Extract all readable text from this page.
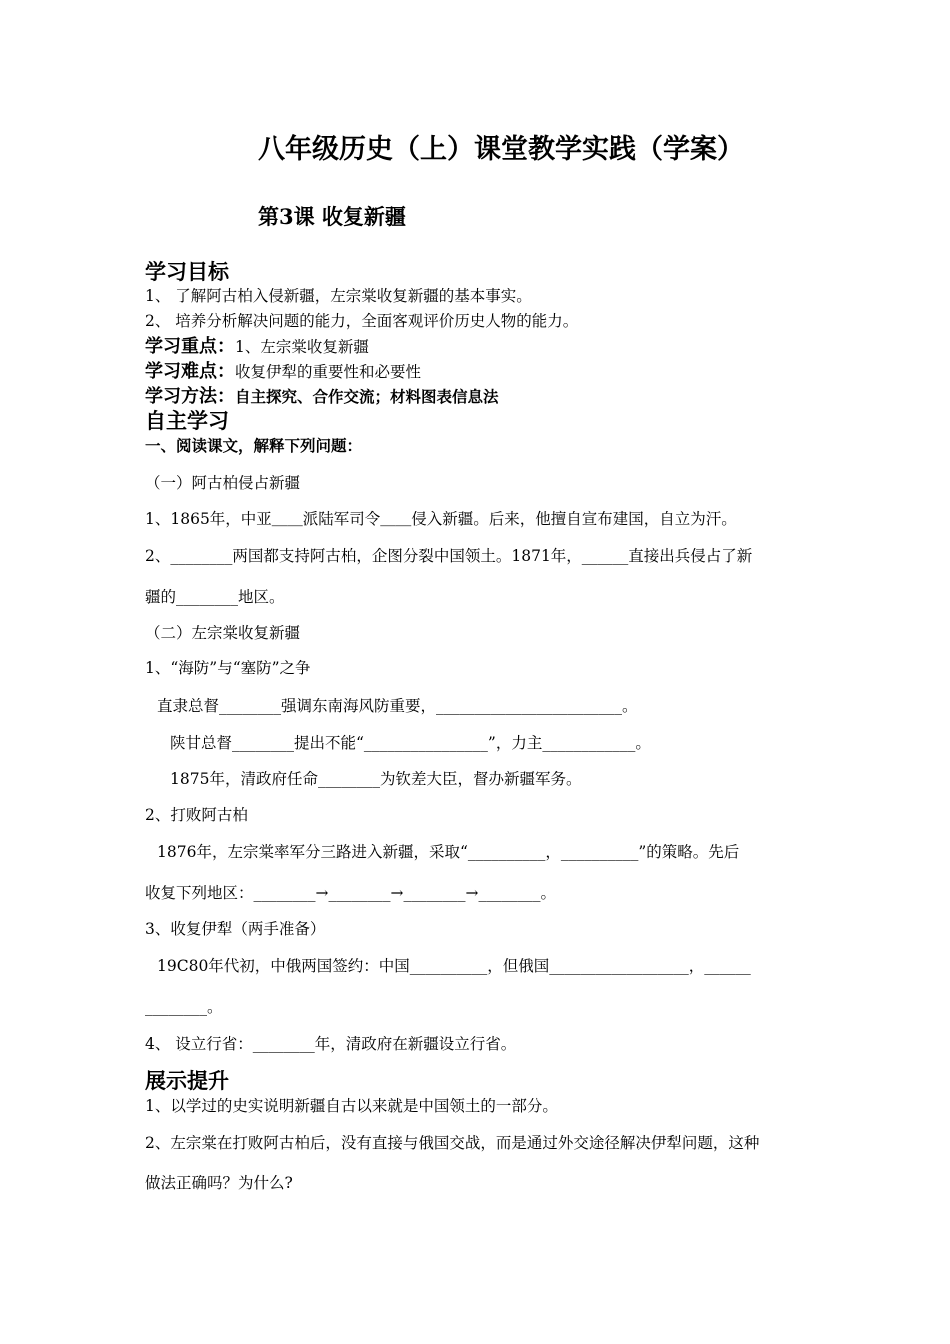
八年级历史（上）课堂教学实践（学案）
第3课 收复新疆
学习目标
1、 了解阿古柏入侵新疆，左宗棠收复新疆的基本事实。
2、 培养分析解决问题的能力，全面客观评价历史人物的能力。
学习重点：1、左宗棠收复新疆
学习难点：收复伊犁的重要性和必要性
学习方法：自主探究、合作交流；材料图表信息法
自主学习
一、阅读课文，解释下列问题：
（一）阿古柏侵占新疆
1、1865年，中亚＿＿派陆军司令＿＿侵入新疆。后来，他擅自宣布建国，自立为汗。
2、________两国都支持阿古柏，企图分裂中国领土。1871年，______直接出兵侵占了新
疆的________地区。
（二）左宗棠收复新疆
1、“海防”与“塞防”之争
直隶总督________强调东南海风防重要，________________________。
陕甘总督________提出不能“________________”，力主____________。
1875年，清政府任命________为钦差大臣，督办新疆军务。
2、打败阿古柏
1876年，左宗棠率军分三路进入新疆，采取“__________，__________”的策略。先后
收复下列地区：________→________→________→________。
3、收复伊犁（两手准备）
19C80年代初，中俄两国签约：中国__________，但俄国__________________，______
________。
4、 设立行省：________年，清政府在新疆设立行省。
展示提升
1、以学过的史实说明新疆自古以来就是中国领土的一部分。
2、左宗棠在打败阿古柏后，没有直接与俄国交战，而是通过外交途径解决伊犁问题，这种
做法正确吗？为什么?
